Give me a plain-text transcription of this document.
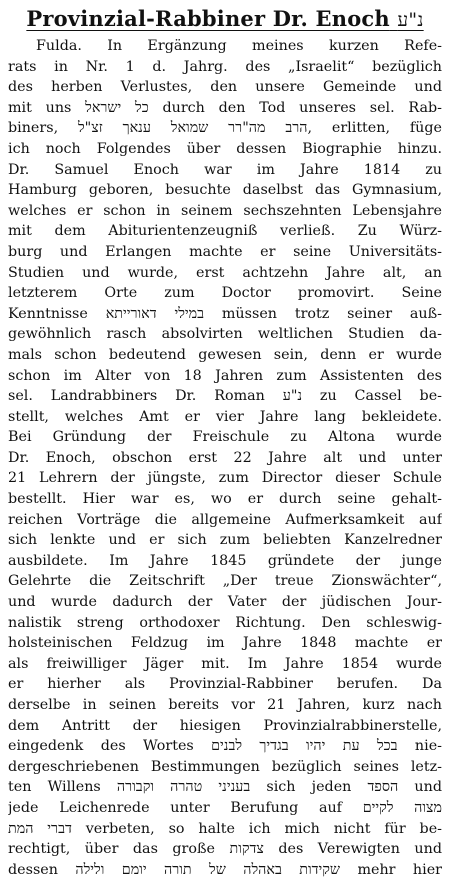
Provinzial-Rabbiner Dr. Enoch נ"ע
Fulda. In Ergänzung meines kurzen Refe-
rats in Nr. 1 d. Jahrg. des „Israelit“ bezüglich
des herben Verlustes, den unsere Gemeinde und
mit uns כל ישראל durch den Tod unseres sel. Rab-
biners, הרב מה"רר שמואל ענאך זצ"ל, erlitten, füge
ich noch Folgendes über dessen Biographie hinzu.
Dr. Samuel Enoch war im Jahre 1814 zu
Hamburg geboren, besuchte daselbst das Gymnasium,
welches er schon in seinem sechszehnten Lebensjahre
mit dem Abiturientenzeugniß verließ. Zu Würz-
burg und Erlangen machte er seine Universitäts-
Studien und wurde, erst achtzehn Jahre alt, an
letzterem Orte zum Doctor promovirt. Seine
Kenntnisse במילי דאורייתא müssen trotz seiner auß-
gewöhnlich rasch absolvirten weltlichen Studien da-
mals schon bedeutend gewesen sein, denn er wurde
schon im Alter von 18 Jahren zum Assistenten des
sel. Landrabbiners Dr. Roman נ"ע zu Cassel be-
stellt, welches Amt er vier Jahre lang bekleidete.
Bei Gründung der Freischule zu Altona wurde
Dr. Enoch, obschon erst 22 Jahre alt und unter
21 Lehrern der jüngste, zum Director dieser Schule
bestellt. Hier war es, wo er durch seine gehalt-
reichen Vorträge die allgemeine Aufmerksamkeit auf
sich lenkte und er sich zum beliebten Kanzelredner
ausbildete. Im Jahre 1845 gründete der junge
Gelehrte die Zeitschrift „Der treue Zionswächter“,
und wurde dadurch der Vater der jüdischen Jour-
nalistik streng orthodoxer Richtung. Den schleswig-
holsteinischen Feldzug im Jahre 1848 machte er
als freiwilliger Jäger mit. Im Jahre 1854 wurde
er hierher als Provinzial-Rabbiner berufen. Da
derselbe in seinen bereits vor 21 Jahren, kurz nach
dem Antritt der hiesigen Provinzialrabbinerstelle,
eingedenk des Wortes בכל עת יהיו בגדיך לבנים nie-
dergeschriebenen Bestimmungen bezüglich seines letz-
ten Willens בעניני טהרה וקבורה sich jeden הספד und
jede Leichenrede unter Berufung auf מצוה לקיים
דברי המת verbeten, so halte ich mich nicht für be-
rechtigt, über das große צדקות des Verewigten und
dessen שקידות באהלה של תורה יומם ולילה mehr hier
